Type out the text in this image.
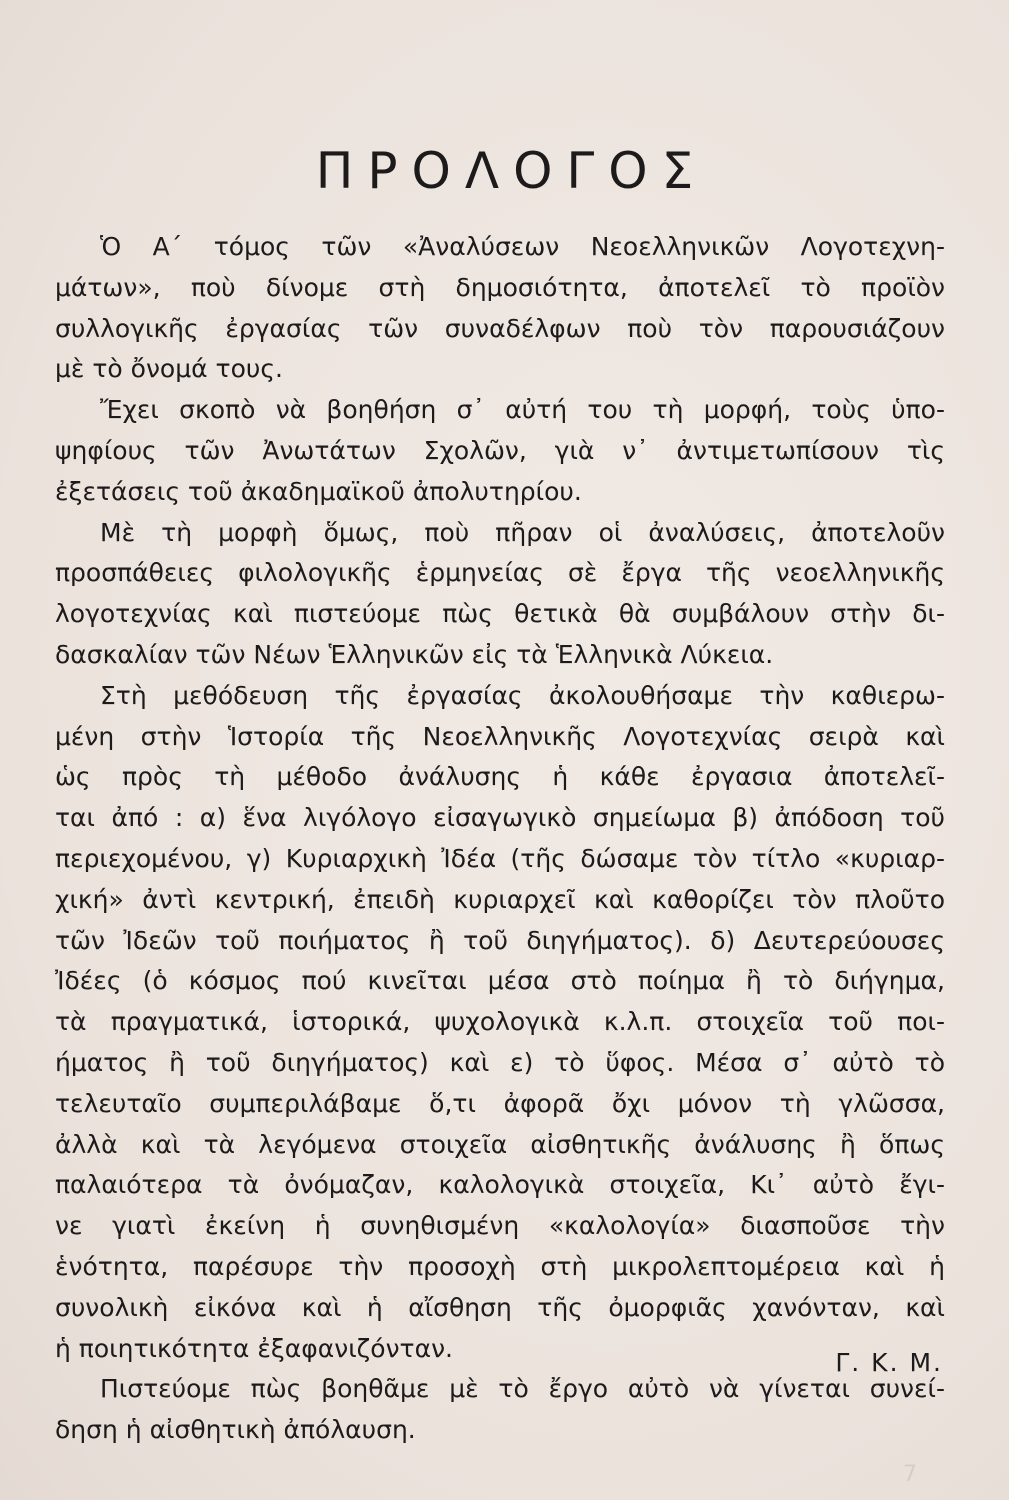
ΠΡΟΛΟΓΟΣ
Ὁ Α΄ τόμος τῶν «Ἀναλύσεων Νεοελληνικῶν Λογοτεχνη-
μάτων», ποὺ δίνομε στὴ δημοσιότητα, ἀποτελεῖ τὸ προϊὸν
συλλογικῆς ἐργασίας τῶν συναδέλφων ποὺ τὸν παρουσιάζουν
μὲ τὸ ὄνομά τους.
Ἔχει σκοπὸ νὰ βοηθήση σ᾽ αὐτή του τὴ μορφή, τοὺς ὑπο-
ψηφίους τῶν Ἀνωτάτων Σχολῶν, γιὰ ν᾽ ἀντιμετωπίσουν τὶς
ἐξετάσεις τοῦ ἀκαδημαϊκοῦ ἀπολυτηρίου.
Μὲ τὴ μορφὴ ὅμως, ποὺ πῆραν οἱ ἀναλύσεις, ἀποτελοῦν
προσπάθειες φιλολογικῆς ἑρμηνείας σὲ ἔργα τῆς νεοελληνικῆς
λογοτεχνίας καὶ πιστεύομε πὼς θετικὰ θὰ συμβάλουν στὴν δι-
δασκαλίαν τῶν Νέων Ἑλληνικῶν εἰς τὰ Ἑλληνικὰ Λύκεια.
Στὴ μεθόδευση τῆς ἐργασίας ἀκολουθήσαμε τὴν καθιερω-
μένη στὴν Ἱστορία τῆς Νεοελληνικῆς Λογοτεχνίας σειρὰ καὶ
ὡς πρὸς τὴ μέθοδο ἀνάλυσης ἡ κάθε ἐργασια ἀποτελεῖ-
ται ἀπό : α) ἕνα λιγόλογο εἰσαγωγικὸ σημείωμα β) ἀπόδοση τοῦ
περιεχομένου, γ) Κυριαρχικὴ Ἰδέα (τῆς δώσαμε τὸν τίτλο «κυριαρ-
χική» ἀντὶ κεντρική, ἐπειδὴ κυριαρχεῖ καὶ καθορίζει τὸν πλοῦτο
τῶν Ἰδεῶν τοῦ ποιήματος ἢ τοῦ διηγήματος). δ) Δευτερεύουσες
Ἰδέες (ὁ κόσμος πού κινεῖται μέσα στὸ ποίημα ἢ τὸ διήγημα,
τὰ πραγματικά, ἱστορικά, ψυχολογικὰ κ.λ.π. στοιχεῖα τοῦ ποι-
ήματος ἢ τοῦ διηγήματος) καὶ ε) τὸ ὕφος. Μέσα σ᾽ αὐτὸ τὸ
τελευταῖο συμπεριλάβαμε ὅ,τι ἀφορᾶ ὄχι μόνον τὴ γλῶσσα,
ἀλλὰ καὶ τὰ λεγόμενα στοιχεῖα αἰσθητικῆς ἀνάλυσης ἢ ὅπως
παλαιότερα τὰ ὀνόμαζαν, καλολογικὰ στοιχεῖα, Κι᾽ αὐτὸ ἔγι-
νε γιατὶ ἐκείνη ἡ συνηθισμένη «καλολογία» διασποῦσε τὴν
ἑνότητα, παρέσυρε τὴν προσοχὴ στὴ μικρολεπτομέρεια καὶ ἡ
συνολικὴ εἰκόνα καὶ ἡ αἴσθηση τῆς ὀμορφιᾶς χανόνταν, καὶ
ἡ ποιητικότητα ἐξαφανιζόνταν.
Πιστεύομε πὼς βοηθᾶμε μὲ τὸ ἔργο αὐτὸ νὰ γίνεται συνεί-
δηση ἡ αἰσθητικὴ ἀπόλαυση.
Γ. Κ. Μ.
7
